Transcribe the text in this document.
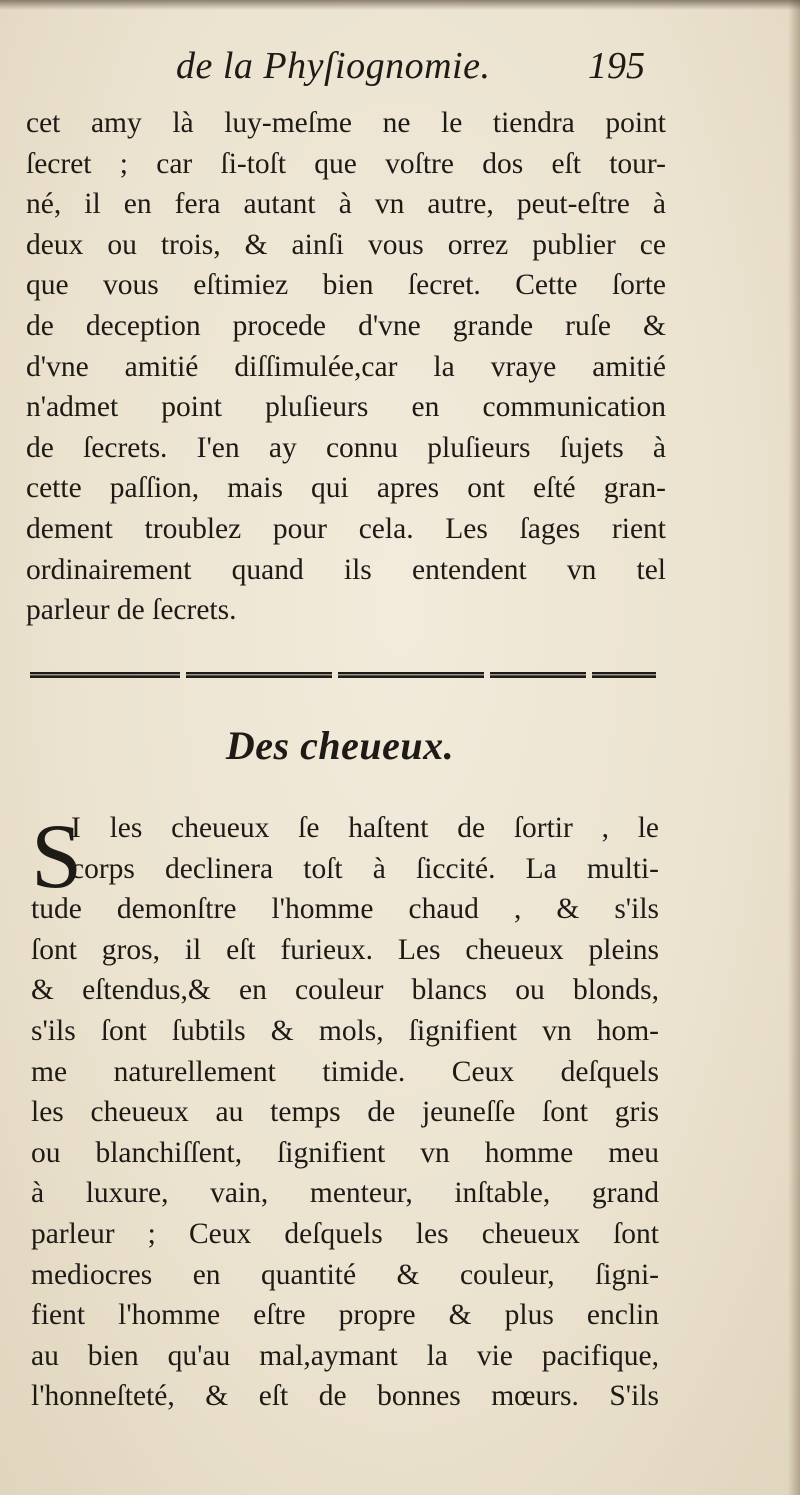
de la Phyſiognomie.	195
cet amy là luy-meſme ne le tiendra point
ſecret ; car ſi-toſt que voſtre dos eſt tour-
né, il en fera autant à vn autre, peut-eſtre à
deux ou trois, & ainſi vous orrez publier ce
que vous eſtimiez bien ſecret. Cette ſorte
de deception procede d'vne grande ruſe &
d'vne amitié diſſimulée,car la vraye amitié
n'admet point pluſieurs en communication
de ſecrets. I'en ay connu pluſieurs ſujets à
cette paſſion, mais qui apres ont eſté gran-
dement troublez pour cela. Les ſages rient
ordinairement quand ils entendent vn tel
parleur de ſecrets.
Des cheueux.
S
I les cheueux ſe haſtent de ſortir , le
corps declinera toſt à ſiccité. La multi-
tude demonſtre l'homme chaud , & s'ils
ſont gros, il eſt furieux. Les cheueux pleins
& eſtendus,& en couleur blancs ou blonds,
s'ils ſont ſubtils & mols, ſignifient vn hom-
me naturellement timide. Ceux deſquels
les cheueux au temps de jeuneſſe ſont gris
ou blanchiſſent, ſignifient vn homme meu
à luxure, vain, menteur, inſtable, grand
parleur ; Ceux deſquels les cheueux ſont
mediocres en quantité & couleur, ſigni-
fient l'homme eſtre propre & plus enclin
au bien qu'au mal,aymant la vie pacifique,
l'honneſteté, & eſt de bonnes mœurs. S'ils
